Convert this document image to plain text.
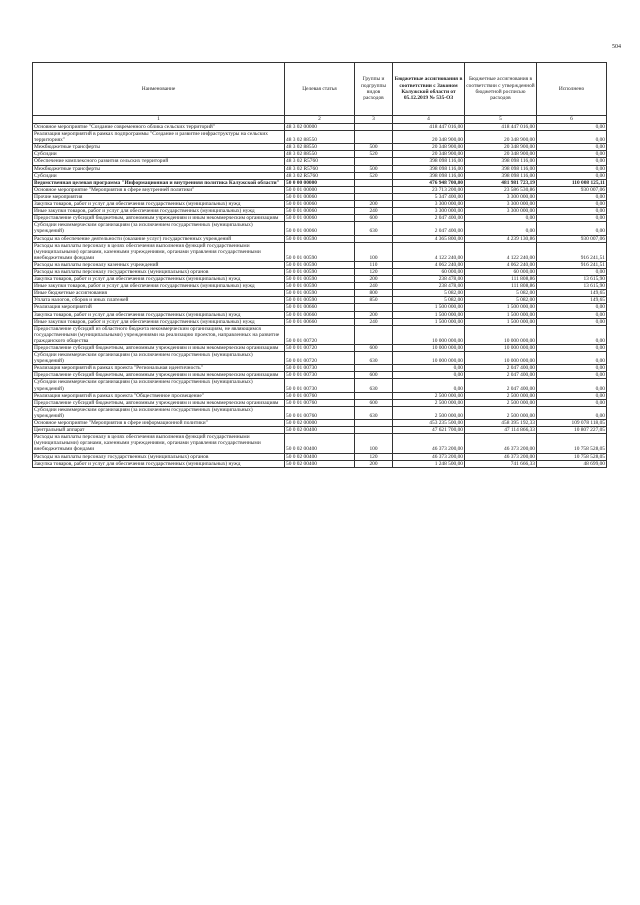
504
Наименование	Целевая статья	Группы и подгруппы видов расходов	Бюджетные ассигнования в соответствии с Законом Калужской области от 05.12.2019 № 535-ОЗ	Бюджетные ассигнования в соответствии с утвержденной бюджетной росписью расходов	Исполнено
1	2	3	4	5	6
Основное мероприятие "Создание современного облика сельских территорий"	48 3 02 00000		418 447 016,00	418 447 016,00	0,00
Реализация мероприятий в рамках подпрограммы "Создание и развитие инфраструктуры на сельских территориях"	48 3 02 88550		20 348 900,00	20 348 900,00	0,00
Межбюджетные трансферты	48 3 02 88550	500	20 348 900,00	20 348 900,00	0,00
Субсидии	48 3 02 88550	520	20 348 900,00	20 348 900,00	0,00
Обеспечение комплексного развития сельских территорий	48 3 02 R5760		398 098 116,00	398 098 116,00	0,00
Межбюджетные трансферты	48 3 02 R5760	500	398 098 116,00	398 098 116,00	0,00
Субсидии	48 3 02 R5760	520	398 098 116,00	398 098 116,00	0,00
Ведомственная целевая программа "Информационная и внутренняя политика Калужской области"	50 0 00 00000		476 948 700,00	481 981 723,19	110 008 125,11
Основное мероприятие "Мероприятия в сфере внутренней политики"	50 0 01 00000		23 713 200,00	23 586 530,86	930 007,06
Прочие мероприятия	50 0 01 00060		5 347 400,00	3 300 000,00	0,00
Закупка товаров, работ и услуг для обеспечения государственных (муниципальных) нужд	50 0 01 00060	200	3 300 000,00	3 300 000,00	0,00
Иные закупки товаров, работ и услуг для обеспечения государственных (муниципальных) нужд	50 0 01 00060	240	3 300 000,00	3 300 000,00	0,00
Предоставление субсидий бюджетным, автономным учреждениям и иным некоммерческим организациям	50 0 01 00060	600	2 047 400,00	0,00	0,00
Субсидии некоммерческим организациям (за исключением государственных (муниципальных) учреждений)	50 0 01 00060	630	2 047 400,00	0,00	0,00
Расходы на обеспечение деятельности (оказание услуг) государственных учреждений	50 0 01 00590		4 365 800,00	4 239 130,86	930 007,06
Расходы на выплаты персоналу в целях обеспечения выполнения функций государственными (муниципальными) органами, казенными учреждениями, органами управления государственными внебюджетными фондами	50 0 01 00590	100	4 122 240,00	4 122 240,00	916 241,51
Расходы на выплаты персоналу казенных учреждений	50 0 01 00590	110	4 062 240,00	4 062 240,00	916 241,51
Расходы на выплаты персоналу государственных (муниципальных) органов	50 0 01 00590	120	60 000,00	60 000,00	0,00
Закупка товаров, работ и услуг для обеспечения государственных (муниципальных) нужд	50 0 01 00590	200	238 478,00	111 808,86	13 615,90
Иные закупки товаров, работ и услуг для обеспечения государственных (муниципальных) нужд	50 0 01 00590	240	238 478,00	111 808,86	13 615,90
Иные бюджетные ассигнования	50 0 01 00590	800	5 082,00	5 082,00	149,65
Уплата налогов, сборов и иных платежей	50 0 01 00590	850	5 082,00	5 082,00	149,65
Реализация мероприятий	50 0 01 00660		1 500 000,00	1 500 000,00	0,00
Закупка товаров, работ и услуг для обеспечения государственных (муниципальных) нужд	50 0 01 00660	200	1 500 000,00	1 500 000,00	0,00
Иные закупки товаров, работ и услуг для обеспечения государственных (муниципальных) нужд	50 0 01 00660	240	1 500 000,00	1 500 000,00	0,00
Предоставление субсидий из областного бюджета некоммерческим организациям, не являющимся государственными (муниципальными) учреждениями на реализацию проектов, направленных на развитие гражданского общества	50 0 01 00720		10 000 000,00	10 000 000,00	0,00
Предоставление субсидий бюджетным, автономным учреждениям и иным некоммерческим организациям	50 0 01 00720	600	10 000 000,00	10 000 000,00	0,00
Субсидии некоммерческим организациям (за исключением государственных (муниципальных) учреждений)	50 0 01 00720	630	10 000 000,00	10 000 000,00	0,00
Реализация мероприятий в рамках проекта "Региональная идентичность"	50 0 01 00730		0,00	2 047 400,00	0,00
Предоставление субсидий бюджетным, автономным учреждениям и иным некоммерческим организациям	50 0 01 00730	600	0,00	2 047 400,00	0,00
Субсидии некоммерческим организациям (за исключением государственных (муниципальных) учреждений)	50 0 01 00730	630	0,00	2 047 400,00	0,00
Реализация мероприятий в рамках проекта "Общественное просвещение"	50 0 01 00760		2 500 000,00	2 500 000,00	0,00
Предоставление субсидий бюджетным, автономным учреждениям и иным некоммерческим организациям	50 0 01 00760	600	2 500 000,00	2 500 000,00	0,00
Субсидии некоммерческим организациям (за исключением государственных (муниципальных) учреждений)	50 0 01 00760	630	2 500 000,00	2 500 000,00	0,00
Основное мероприятие "Мероприятия в сфере информационной политики"	50 0 02 00000		453 235 500,00	458 395 192,33	109 078 118,05
Центральный аппарат	50 0 02 00400		47 621 700,00	47 114 866,33	10 807 227,05
Расходы на выплаты персоналу в целях обеспечения выполнения функций государственными (муниципальными) органами, казенными учреждениями, органами управления государственными внебюджетными фондами	50 0 02 00400	100	46 373 200,00	46 373 200,00	10 758 528,05
Расходы на выплаты персоналу государственных (муниципальных) органов	50 0 02 00400	120	46 373 200,00	46 373 200,00	10 758 528,05
Закупка товаров, работ и услуг для обеспечения государственных (муниципальных) нужд	50 0 02 00400	200	1 248 500,00	741 666,33	48 699,00
